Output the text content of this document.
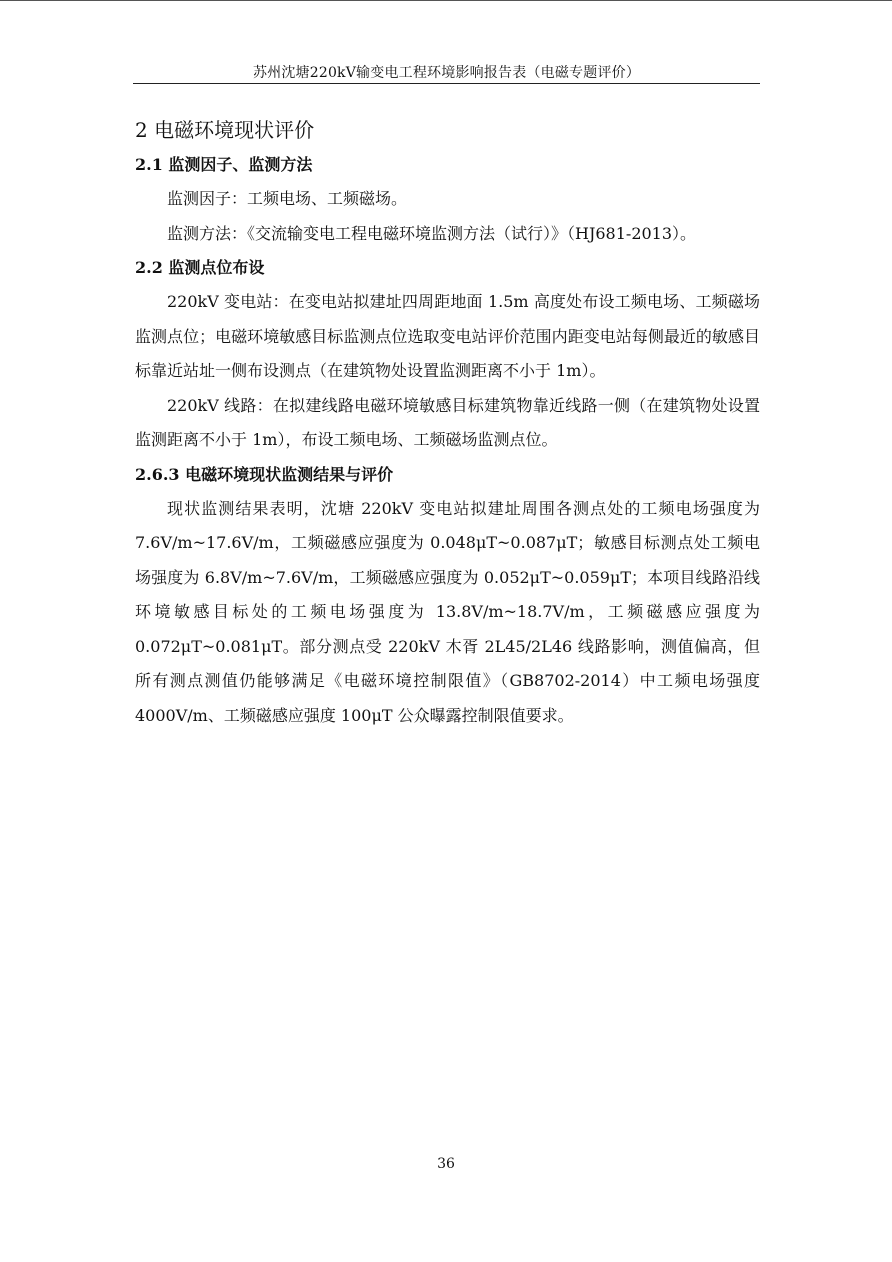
苏州沈塘220kV输变电工程环境影响报告表（电磁专题评价）
2 电磁环境现状评价
2.1 监测因子、监测方法

监测因子：工频电场、工频磁场。

监测方法：《交流输变电工程电磁环境监测方法（试行）》（HJ681-2013）。

2.2 监测点位布设

220kV 变电站：在变电站拟建址四周距地面 1.5m 高度处布设工频电场、工频磁场监测点位；电磁环境敏感目标监测点位选取变电站评价范围内距变电站每侧最近的敏感目标靠近站址一侧布设测点（在建筑物处设置监测距离不小于 1m）。

220kV 线路：在拟建线路电磁环境敏感目标建筑物靠近线路一侧（在建筑物处设置监测距离不小于 1m），布设工频电场、工频磁场监测点位。

2.6.3 电磁环境现状监测结果与评价

现状监测结果表明，沈塘 220kV 变电站拟建址周围各测点处的工频电场强度为 7.6V/m~17.6V/m，工频磁感应强度为 0.048μT~0.087μT；敏感目标测点处工频电场强度为 6.8V/m~7.6V/m，工频磁感应强度为 0.052μT~0.059μT；本项目线路沿线环境敏感目标处的工频电场强度为 13.8V/m~18.7V/m，工频磁感应强度为 0.072μT~0.081μT。部分测点受 220kV 木胥 2L45/2L46 线路影响，测值偏高，但所有测点测值仍能够满足《电磁环境控制限值》（GB8702-2014）中工频电场强度 4000V/m、工频磁感应强度 100μT 公众曝露控制限值要求。

36
